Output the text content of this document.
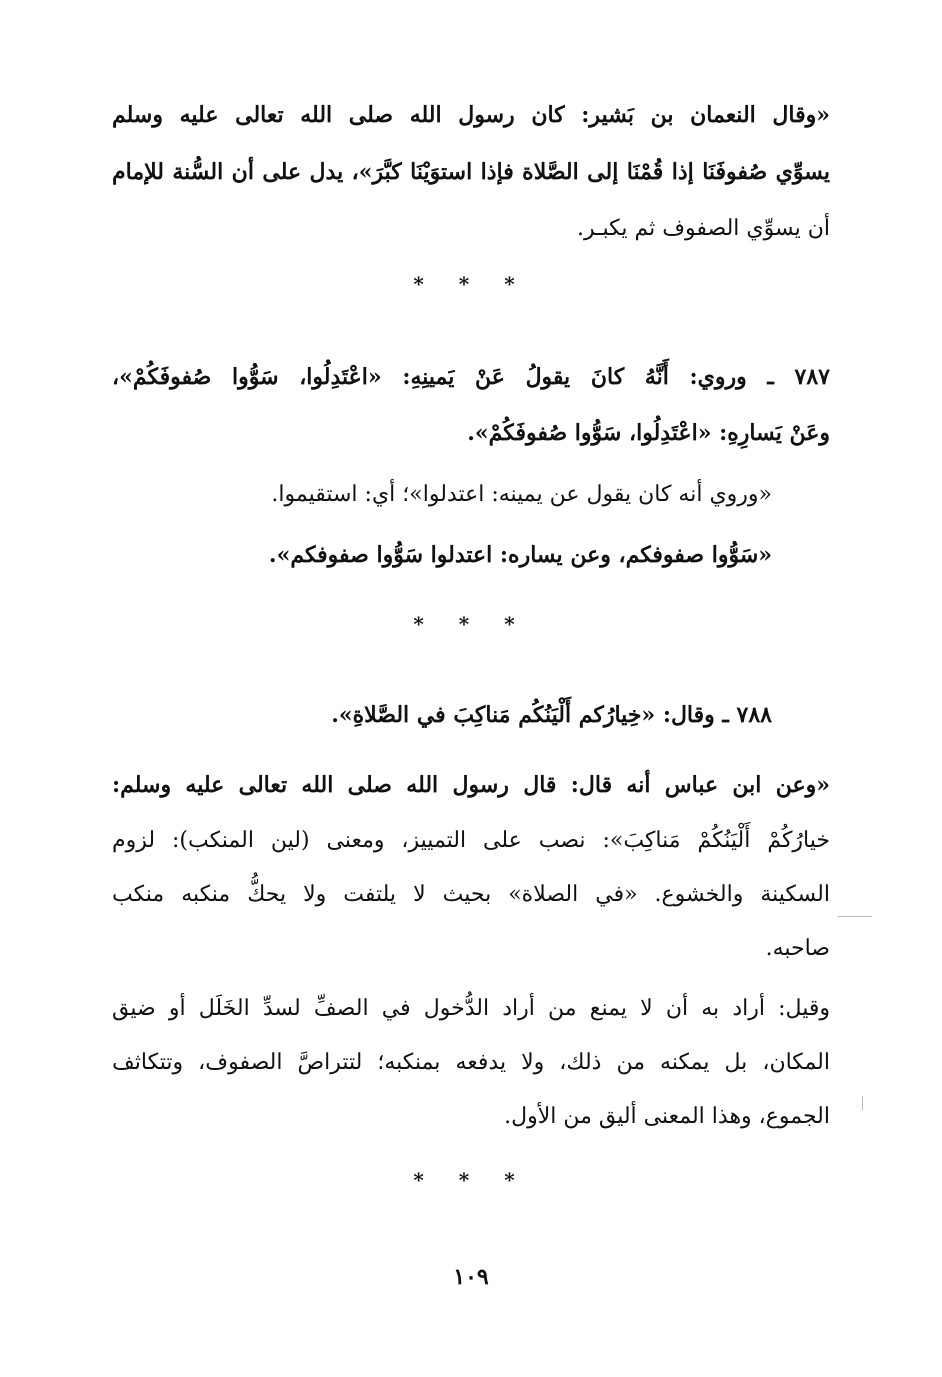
«وقال النعمان بن بَشير: كان رسول الله صلى الله تعالى عليه وسلم
يسوِّي صُفوفَنَا إذا قُمْنَا إلى الصَّلاة فإذا استوَيْنَا كبَّرَ»، يدل على أن السُّنة للإمام
أن يسوِّي الصفوف ثم يكبـر.
* * *
٧٨٧ ـ وروي: أَنَّهُ كانَ يقولُ عَنْ يَمينِهِ: «اعْتَدِلُوا، سَوُّوا صُفوفَكُمْ»،
وعَنْ يَسارِهِ: «اعْتَدِلُوا، سَوُّوا صُفوفَكُمْ».
«وروي أنه كان يقول عن يمينه: اعتدلوا»؛ أي: استقيموا.
«سَوُّوا صفوفكم، وعن يساره: اعتدلوا سَوُّوا صفوفكم».
* * *
٧٨٨ ـ وقال: «خِيارُكم أَلْيَنُكُم مَناكِبَ في الصَّلاةِ».
«وعن ابن عباس أنه قال: قال رسول الله صلى الله تعالى عليه وسلم:
خيارُكُمْ أَلْيَنُكُمْ مَناكِبَ»: نصب على التمييز، ومعنى (لين المنكب): لزوم
السكينة والخشوع. «في الصلاة» بحيث لا يلتفت ولا يحكُّ منكبه منكب
صاحبه.
وقيل: أراد به أن لا يمنع من أراد الدُّخول في الصفِّ لسدِّ الخَلَل أو ضيق
المكان، بل يمكنه من ذلك، ولا يدفعه بمنكبه؛ لتتراصَّ الصفوف، وتتكاثف
الجموع، وهذا المعنى أليق من الأول.
* * *
١٠٩
